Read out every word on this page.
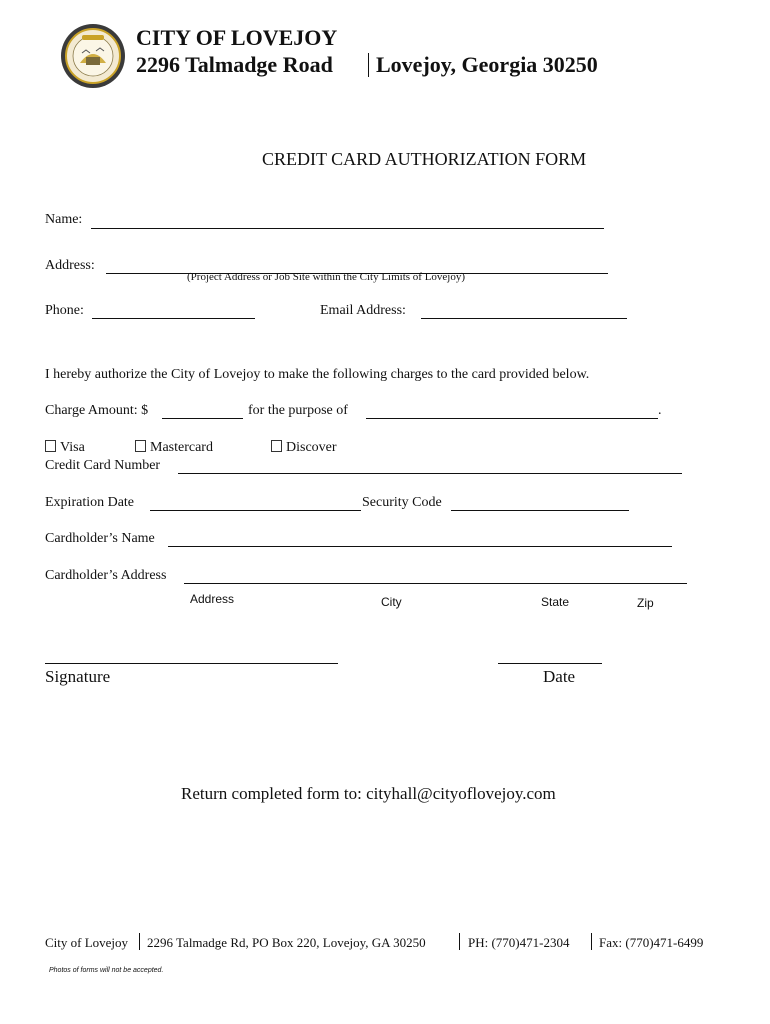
CITY OF LOVEJOY
2296 Talmadge Road Lovejoy, Georgia 30250
CREDIT CARD AUTHORIZATION FORM
Name:
Address:
(Project Address or Job Site within the City Limits of Lovejoy)
Phone:	Email Address:
I hereby authorize the City of Lovejoy to make the following charges to the card provided below.
Charge Amount: $	for the purpose of	.
Visa	Mastercard	Discover
Credit Card Number
Expiration Date	Security Code
Cardholder’s Name
Cardholder’s Address
Address	City	State	Zip
Signature	Date
Return completed form to: cityhall@cityoflovejoy.com
City of Lovejoy 2296 Talmadge Rd, PO Box 220, Lovejoy, GA 30250	PH: (770)471-2304 Fax: (770)471-6499
Photos of forms will not be accepted.
